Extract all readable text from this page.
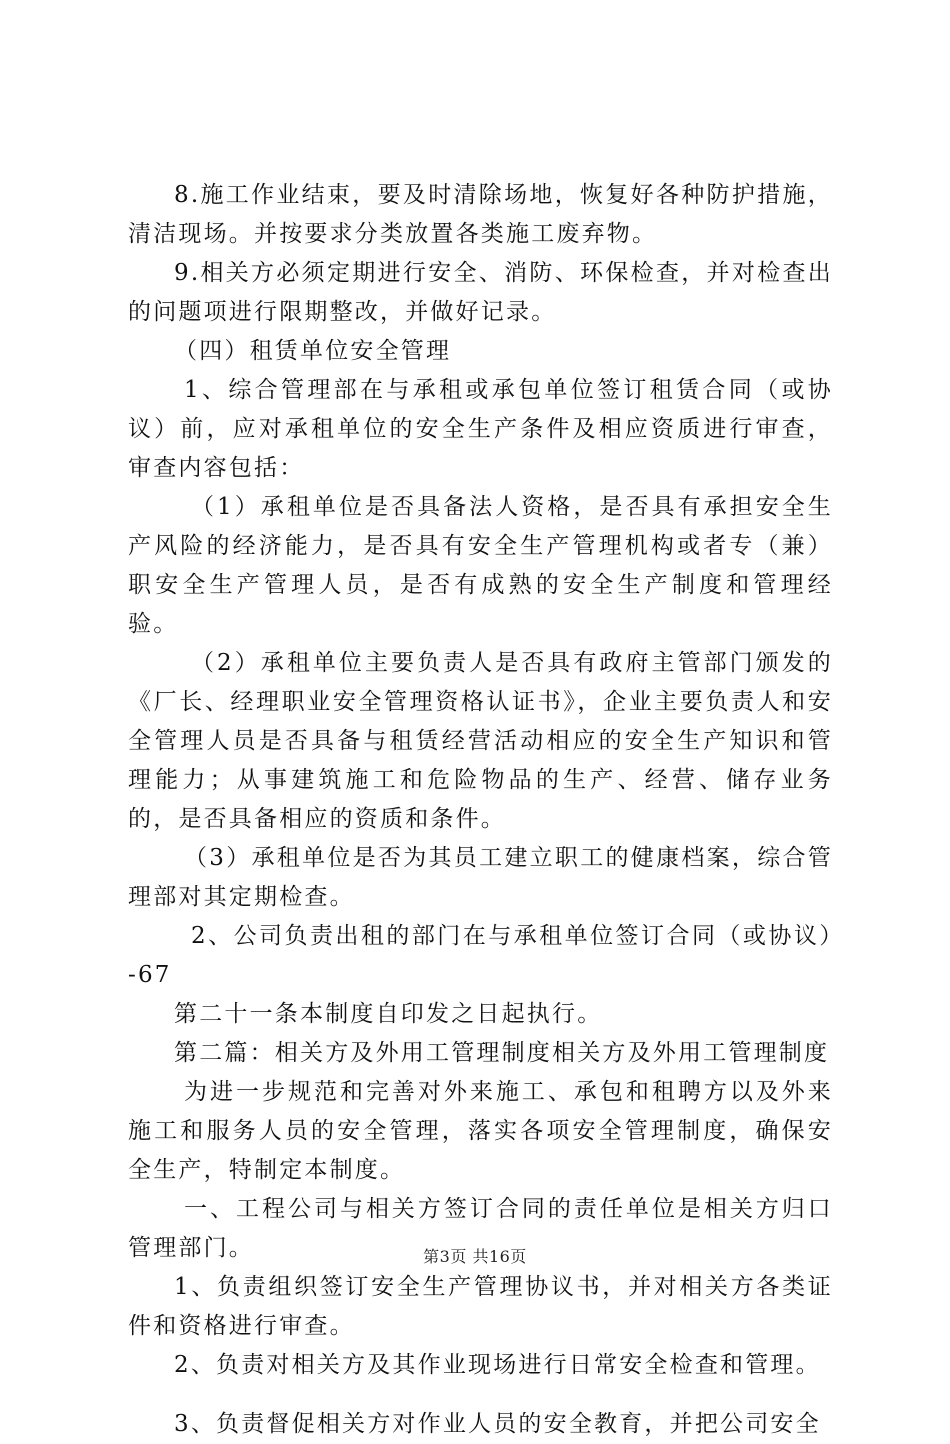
8.施工作业结束，要及时清除场地，恢复好各种防护措施，清洁现场。并按要求分类放置各类施工废弃物。

9.相关方必须定期进行安全、消防、环保检查，并对检查出的问题项进行限期整改，并做好记录。

（四）租赁单位安全管理

1、综合管理部在与承租或承包单位签订租赁合同（或协议）前，应对承租单位的安全生产条件及相应资质进行审查，审查内容包括：

（1）承租单位是否具备法人资格，是否具有承担安全生产风险的经济能力，是否具有安全生产管理机构或者专（兼）职安全生产管理人员，是否有成熟的安全生产制度和管理经验。

（2）承租单位主要负责人是否具有政府主管部门颁发的《厂长、经理职业安全管理资格认证书》，企业主要负责人和安全管理人员是否具备与租赁经营活动相应的安全生产知识和管理能力；从事建筑施工和危险物品的生产、经营、储存业务的，是否具备相应的资质和条件。

（3）承租单位是否为其员工建立职工的健康档案，综合管理部对其定期检查。

2、公司负责出租的部门在与承租单位签订合同（或协议）-67

第二十一条本制度自印发之日起执行。

第二篇：相关方及外用工管理制度相关方及外用工管理制度

为进一步规范和完善对外来施工、承包和租聘方以及外来施工和服务人员的安全管理，落实各项安全管理制度，确保安全生产，特制定本制度。

一、工程公司与相关方签订合同的责任单位是相关方归口管理部门。

1、负责组织签订安全生产管理协议书，并对相关方各类证件和资格进行审查。

2、负责对相关方及其作业现场进行日常安全检查和管理。

3、负责督促相关方对作业人员的安全教育，并把公司安全

第3页 共16页
